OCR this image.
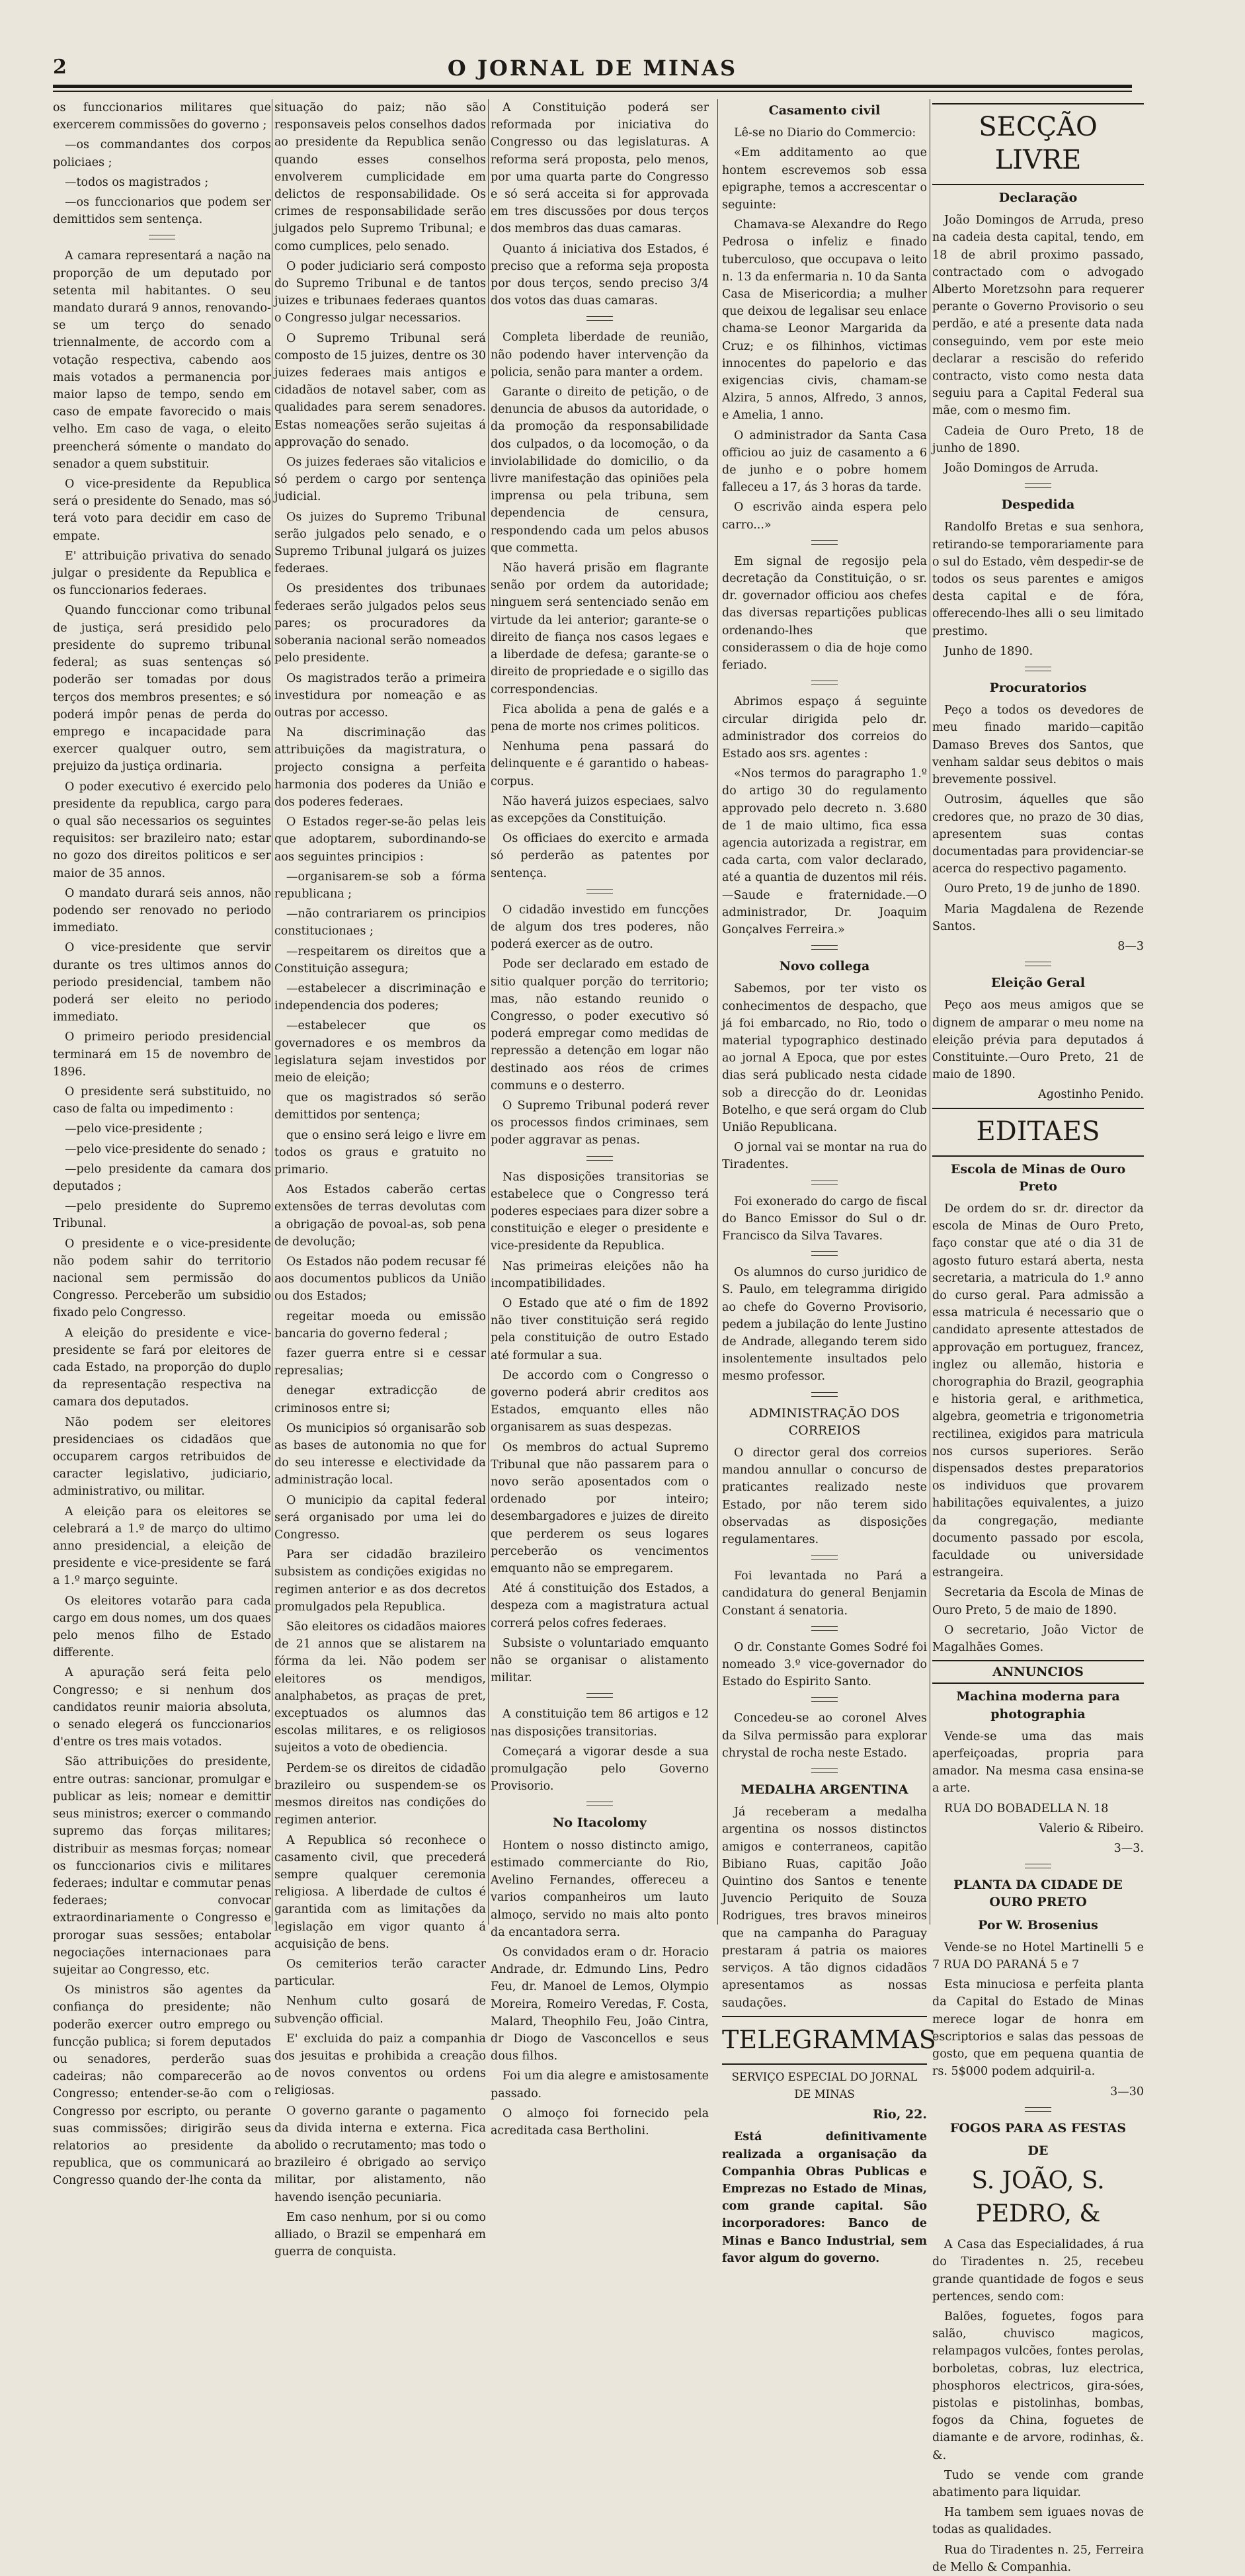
2	O JORNAL DE MINAS

os funccionarios militares que exercerem commissões do governo ;

—os commandantes dos corpos policiaes ;

—todos os magistrados ;

—os funccionarios que podem ser demittidos sem sentença.

A camara representará a nação na proporção de um deputado por setenta mil habitantes. O seu mandato durará 9 annos, renovando-se um terço do senado triennalmente, de accordo com a votação respectiva, cabendo aos mais votados a permanencia por maior lapso de tempo, sendo em caso de empate favorecido o mais velho. Em caso de vaga, o eleito preencherá sómente o mandato do senador a quem substituir.

O vice-presidente da Republica será o presidente do Senado, mas só terá voto para decidir em caso de empate.

E' attribuição privativa do senado julgar o presidente da Republica e os funccionarios federaes.

Quando funccionar como tribunal de justiça, será presidido pelo presidente do supremo tribunal federal; as suas sentenças só poderão ser tomadas por dous terços dos membros presentes; e só poderá impôr penas de perda do emprego e incapacidade para exercer qualquer outro, sem prejuizo da justiça ordinaria.

O poder executivo é exercido pelo presidente da republica, cargo para o qual são necessarios os seguintes requisitos: ser brazileiro nato; estar no gozo dos direitos politicos e ser maior de 35 annos.

O mandato durará seis annos, não podendo ser renovado no periodo immediato.

O vice-presidente que servir durante os tres ultimos annos do periodo presidencial, tambem não poderá ser eleito no periodo immediato.

O primeiro periodo presidencial terminará em 15 de novembro de 1896.

O presidente será substituido, no caso de falta ou impedimento :

—pelo vice-presidente ;

—pelo vice-presidente do senado ;

—pelo presidente da camara dos deputados ;

—pelo presidente do Supremo Tribunal.

O presidente e o vice-presidente não podem sahir do territorio nacional sem permissão do Congresso. Perceberão um subsidio fixado pelo Congresso.

A eleição do presidente e vice-presidente se fará por eleitores de cada Estado, na proporção do duplo da representação respectiva na camara dos deputados.

Não podem ser eleitores presidenciaes os cidadãos que occuparem cargos retribuidos de caracter legislativo, judiciario, administrativo, ou militar.

A eleição para os eleitores se celebrará a 1.º de março do ultimo anno presidencial, a eleição de presidente e vice-presidente se fará a 1.º março seguinte.

Os eleitores votarão para cada cargo em dous nomes, um dos quaes pelo menos filho de Estado differente.

A apuração será feita pelo Congresso; e si nenhum dos candidatos reunir maioria absoluta, o senado elegerá os funccionarios d'entre os tres mais votados.

São attribuições do presidente, entre outras: sancionar, promulgar e publicar as leis; nomear e demittir seus ministros; exercer o commando supremo das forças militares; distribuir as mesmas forças; nomear os funccionarios civis e militares federaes; indultar e commutar penas federaes; convocar extraordinariamente o Congresso e prorogar suas sessões; entabolar negociações internacionaes para sujeitar ao Congresso, etc.

Os ministros são agentes da confiança do presidente; não poderão exercer outro emprego ou funcção publica; si forem deputados ou senadores, perderão suas cadeiras; não comparecerão ao Congresso; entender-se-ão com o Congresso por escripto, ou perante suas commissões; dirigirão seus relatorios ao presidente da republica, que os communicará ao Congresso quando der-lhe conta da

situação do paiz; não são responsaveis pelos conselhos dados ao presidente da Republica senão quando esses conselhos envolverem cumplicidade em delictos de responsabilidade. Os crimes de responsabilidade serão julgados pelo Supremo Tribunal; e como cumplices, pelo senado.

O poder judiciario será composto do Supremo Tribunal e de tantos juizes e tribunaes federaes quantos o Congresso julgar necessarios.

O Supremo Tribunal será composto de 15 juizes, dentre os 30 juizes federaes mais antigos e cidadãos de notavel saber, com as qualidades para serem senadores. Estas nomeações serão sujeitas á approvação do senado.

Os juizes federaes são vitalicios e só perdem o cargo por sentença judicial.

Os juizes do Supremo Tribunal serão julgados pelo senado, e o Supremo Tribunal julgará os juizes federaes.

Os presidentes dos tribunaes federaes serão julgados pelos seus pares; os procuradores da soberania nacional serão nomeados pelo presidente.

Os magistrados terão a primeira investidura por nomeação e as outras por accesso.

Na discriminação das attribuições da magistratura, o projecto consigna a perfeita harmonia dos poderes da União e dos poderes federaes.

O Estados reger-se-ão pelas leis que adoptarem, subordinando-se aos seguintes principios :

—organisarem-se sob a fórma republicana ;

—não contrariarem os principios constitucionaes ;

—respeitarem os direitos que a Constituição assegura;

—estabelecer a discriminação e independencia dos poderes;

—estabelecer que os governadores e os membros da legislatura sejam investidos por meio de eleição;

que os magistrados só serão demittidos por sentença;

que o ensino será leigo e livre em todos os graus e gratuito no primario.

Aos Estados caberão certas extensões de terras devolutas com a obrigação de povoal-as, sob pena de devolução;

Os Estados não podem recusar fé aos documentos publicos da União ou dos Estados;

regeitar moeda ou emissão bancaria do governo federal ;

fazer guerra entre si e cessar represalias;

denegar extradicção de criminosos entre si;

Os municipios só organisarão sob as bases de autonomia no que for do seu interesse e electividade da administração local.

O municipio da capital federal será organisado por uma lei do Congresso.

Para ser cidadão brazileiro subsistem as condições exigidas no regimen anterior e as dos decretos promulgados pela Republica.

São eleitores os cidadãos maiores de 21 annos que se alistarem na fórma da lei. Não podem ser eleitores os mendigos, analphabetos, as praças de pret, exceptuados os alumnos das escolas militares, e os religiosos sujeitos a voto de obediencia.

Perdem-se os direitos de cidadão brazileiro ou suspendem-se os mesmos direitos nas condições do regimen anterior.

A Republica só reconhece o casamento civil, que precederá sempre qualquer ceremonia religiosa. A liberdade de cultos é garantida com as limitações da legislação em vigor quanto á acquisição de bens.

Os cemiterios terão caracter particular.

Nenhum culto gosará de subvenção official.

E' excluida do paiz a companhia dos jesuitas e prohibida a creação de novos conventos ou ordens religiosas.

O governo garante o pagamento da divida interna e externa. Fica abolido o recrutamento; mas todo o brazileiro é obrigado ao serviço militar, por alistamento, não havendo isenção pecuniaria.

Em caso nenhum, por si ou como alliado, o Brazil se empenhará em guerra de conquista.

A Constituição poderá ser reformada por iniciativa do Congresso ou das legislaturas. A reforma será proposta, pelo menos, por uma quarta parte do Congresso e só será acceita si for approvada em tres discussões por dous terços dos membros das duas camaras.

Quanto á iniciativa dos Estados, é preciso que a reforma seja proposta por dous terços, sendo preciso 3/4 dos votos das duas camaras.

Completa liberdade de reunião, não podendo haver intervenção da policia, senão para manter a ordem.

Garante o direito de petição, o de denuncia de abusos da autoridade, o da promoção da responsabilidade dos culpados, o da locomoção, o da inviolabilidade do domicilio, o da livre manifestação das opiniões pela imprensa ou pela tribuna, sem dependencia de censura, respondendo cada um pelos abusos que commetta.

Não haverá prisão em flagrante senão por ordem da autoridade; ninguem será sentenciado senão em virtude da lei anterior; garante-se o direito de fiança nos casos legaes e a liberdade de defesa; garante-se o direito de propriedade e o sigillo das correspondencias.

Fica abolida a pena de galés e a pena de morte nos crimes politicos.

Nenhuma pena passará do delinquente e é garantido o habeas-corpus.

Não haverá juizos especiaes, salvo as excepções da Constituição.

Os officiaes do exercito e armada só perderão as patentes por sentença.

O cidadão investido em funcções de algum dos tres poderes, não poderá exercer as de outro.

Pode ser declarado em estado de sitio qualquer porção do territorio; mas, não estando reunido o Congresso, o poder executivo só poderá empregar como medidas de repressão a detenção em logar não destinado aos réos de crimes communs e o desterro.

O Supremo Tribunal poderá rever os processos findos criminaes, sem poder aggravar as penas.

Nas disposições transitorias se estabelece que o Congresso terá poderes especiaes para dizer sobre a constituição e eleger o presidente e vice-presidente da Republica.

Nas primeiras eleições não ha incompatibilidades.

O Estado que até o fim de 1892 não tiver constituição será regido pela constituição de outro Estado até formular a sua.

De accordo com o Congresso o governo poderá abrir creditos aos Estados, emquanto elles não organisarem as suas despezas.

Os membros do actual Supremo Tribunal que não passarem para o novo serão aposentados com o ordenado por inteiro; desembargadores e juizes de direito que perderem os seus logares perceberão os vencimentos emquanto não se empregarem.

Até á constituição dos Estados, a despeza com a magistratura actual correrá pelos cofres federaes.

Subsiste o voluntariado emquanto não se organisar o alistamento militar.

A constituição tem 86 artigos e 12 nas disposições transitorias.

Começará a vigorar desde a sua promulgação pelo Governo Provisorio.

No Itacolomy

Hontem o nosso distincto amigo, estimado commerciante do Rio, Avelino Fernandes, offereceu a varios companheiros um lauto almoço, servido no mais alto ponto da encantadora serra.

Os convidados eram o dr. Horacio Andrade, dr. Edmundo Lins, Pedro Feu, dr. Manoel de Lemos, Olympio Moreira, Romeiro Veredas, F. Costa, Malard, Theophilo Feu, João Cintra, dr Diogo de Vasconcellos e seus dous filhos.

Foi um dia alegre e amistosamente passado.

O almoço foi fornecido pela acreditada casa Bertholini.

Casamento civil

Lê-se no Diario do Commercio:

«Em additamento ao que hontem escrevemos sob essa epigraphe, temos a accrescentar o seguinte:

Chamava-se Alexandre do Rego Pedrosa o infeliz e finado tuberculoso, que occupava o leito n. 13 da enfermaria n. 10 da Santa Casa de Misericordia; a mulher que deixou de legalisar seu enlace chama-se Leonor Margarida da Cruz; e os filhinhos, victimas innocentes do papelorio e das exigencias civis, chamam-se Alzira, 5 annos, Alfredo, 3 annos, e Amelia, 1 anno.

O administrador da Santa Casa officiou ao juiz de casamento a 6 de junho e o pobre homem falleceu a 17, ás 3 horas da tarde.

O escrivão ainda espera pelo carro...»

Em signal de regosijo pela decretação da Constituição, o sr. dr. governador officiou aos chefes das diversas repartições publicas ordenando-lhes que considerassem o dia de hoje como feriado.

Abrimos espaço á seguinte circular dirigida pelo dr. administrador dos correios do Estado aos srs. agentes :

«Nos termos do paragrapho 1.º do artigo 30 do regulamento approvado pelo decreto n. 3.680 de 1 de maio ultimo, fica essa agencia autorizada a registrar, em cada carta, com valor declarado, até a quantia de duzentos mil réis.—Saude e fraternidade.—O administrador, Dr. Joaquim Gonçalves Ferreira.»

Novo collega

Sabemos, por ter visto os conhecimentos de despacho, que já foi embarcado, no Rio, todo o material typographico destinado ao jornal A Epoca, que por estes dias será publicado nesta cidade sob a direcção do dr. Leonidas Botelho, e que será orgam do Club União Republicana.

O jornal vai se montar na rua do Tiradentes.

Foi exonerado do cargo de fiscal do Banco Emissor do Sul o dr. Francisco da Silva Tavares.

Os alumnos do curso juridico de S. Paulo, em telegramma dirigido ao chefe do Governo Provisorio, pedem a jubilação do lente Justino de Andrade, allegando terem sido insolentemente insultados pelo mesmo professor.

ADMINISTRAÇÃO DOS CORREIOS

O director geral dos correios mandou annullar o concurso de praticantes realizado neste Estado, por não terem sido observadas as disposições regulamentares.

Foi levantada no Pará a candidatura do general Benjamin Constant á senatoria.

O dr. Constante Gomes Sodré foi nomeado 3.º vice-governador do Estado do Espirito Santo.

Concedeu-se ao coronel Alves da Silva permissão para explorar chrystal de rocha neste Estado.

MEDALHA ARGENTINA

Já receberam a medalha argentina os nossos distinctos amigos e conterraneos, capitão Bibiano Ruas, capitão João Quintino dos Santos e tenente Juvencio Periquito de Souza Rodrigues, tres bravos mineiros que na campanha do Paraguay prestaram á patria os maiores serviços. A tão dignos cidadãos apresentamos as nossas saudações.

TELEGRAMMAS
SERVIÇO ESPECIAL DO JORNAL DE MINAS
Rio, 22.

Está definitivamente realizada a organisação da Companhia Obras Publicas e Emprezas no Estado de Minas, com grande capital. São incorporadores: Banco de Minas e Banco Industrial, sem favor algum do governo.

SECÇÃO LIVRE
Declaração

João Domingos de Arruda, preso na cadeia desta capital, tendo, em 18 de abril proximo passado, contractado com o advogado Alberto Moretzsohn para requerer perante o Governo Provisorio o seu perdão, e até a presente data nada conseguindo, vem por este meio declarar a rescisão do referido contracto, visto como nesta data seguiu para a Capital Federal sua mãe, com o mesmo fim.

Cadeia de Ouro Preto, 18 de junho de 1890.

João Domingos de Arruda.

Despedida

Randolfo Bretas e sua senhora, retirando-se temporariamente para o sul do Estado, vêm despedir-se de todos os seus parentes e amigos desta capital e de fóra, offerecendo-lhes alli o seu limitado prestimo.

Junho de 1890.

Procuratorios

Peço a todos os devedores de meu finado marido—capitão Damaso Breves dos Santos, que venham saldar seus debitos o mais brevemente possivel.

Outrosim, áquelles que são credores que, no prazo de 30 dias, apresentem suas contas documentadas para providenciar-se acerca do respectivo pagamento.

Ouro Preto, 19 de junho de 1890.

Maria Magdalena de Rezende Santos.

8—3
Eleição Geral

Peço aos meus amigos que se dignem de amparar o meu nome na eleição prévia para deputados á Constituinte.—Ouro Preto, 21 de maio de 1890.

Agostinho Penido.

EDITAES
Escola de Minas de Ouro Preto

De ordem do sr. dr. director da escola de Minas de Ouro Preto, faço constar que até o dia 31 de agosto futuro estará aberta, nesta secretaria, a matricula do 1.º anno do curso geral. Para admissão a essa matricula é necessario que o candidato apresente attestados de approvação em portuguez, francez, inglez ou allemão, historia e chorographia do Brazil, geographia e historia geral, e arithmetica, algebra, geometria e trigonometria rectilinea, exigidos para matricula nos cursos superiores. Serão dispensados destes preparatorios os individuos que provarem habilitações equivalentes, a juizo da congregação, mediante documento passado por escola, faculdade ou universidade estrangeira.

Secretaria da Escola de Minas de Ouro Preto, 5 de maio de 1890.

O secretario, João Victor de Magalhães Gomes.

ANNUNCIOS
Machina moderna para photographia

Vende-se uma das mais aperfeiçoadas, propria para amador. Na mesma casa ensina-se a arte.

RUA DO BOBADELLA N. 18

Valerio & Ribeiro.

3—3.
PLANTA DA CIDADE DE OURO PRETO
Por W. Brosenius

Vende-se no Hotel Martinelli 5 e 7 RUA DO PARANÁ 5 e 7

Esta minuciosa e perfeita planta da Capital do Estado de Minas merece logar de honra em escriptorios e salas das pessoas de gosto, que em pequena quantia de rs. 5$000 podem adquiril-a.

3—30
FOGOS PARA AS FESTAS
DE
S. JOÃO, S. PEDRO, &

A Casa das Especialidades, á rua do Tiradentes n. 25, recebeu grande quantidade de fogos e seus pertences, sendo com:

Balões, foguetes, fogos para salão, chuvisco magicos, relampagos vulcões, fontes perolas, borboletas, cobras, luz electrica, phosphoros electricos, gira-sóes, pistolas e pistolinhas, bombas, fogos da China, foguetes de diamante e de arvore, rodinhas, &. &.

Tudo se vende com grande abatimento para liquidar.

Ha tambem sem iguaes novas de todas as qualidades.

Rua do Tiradentes n. 25, Ferreira de Mello & Companhia.
